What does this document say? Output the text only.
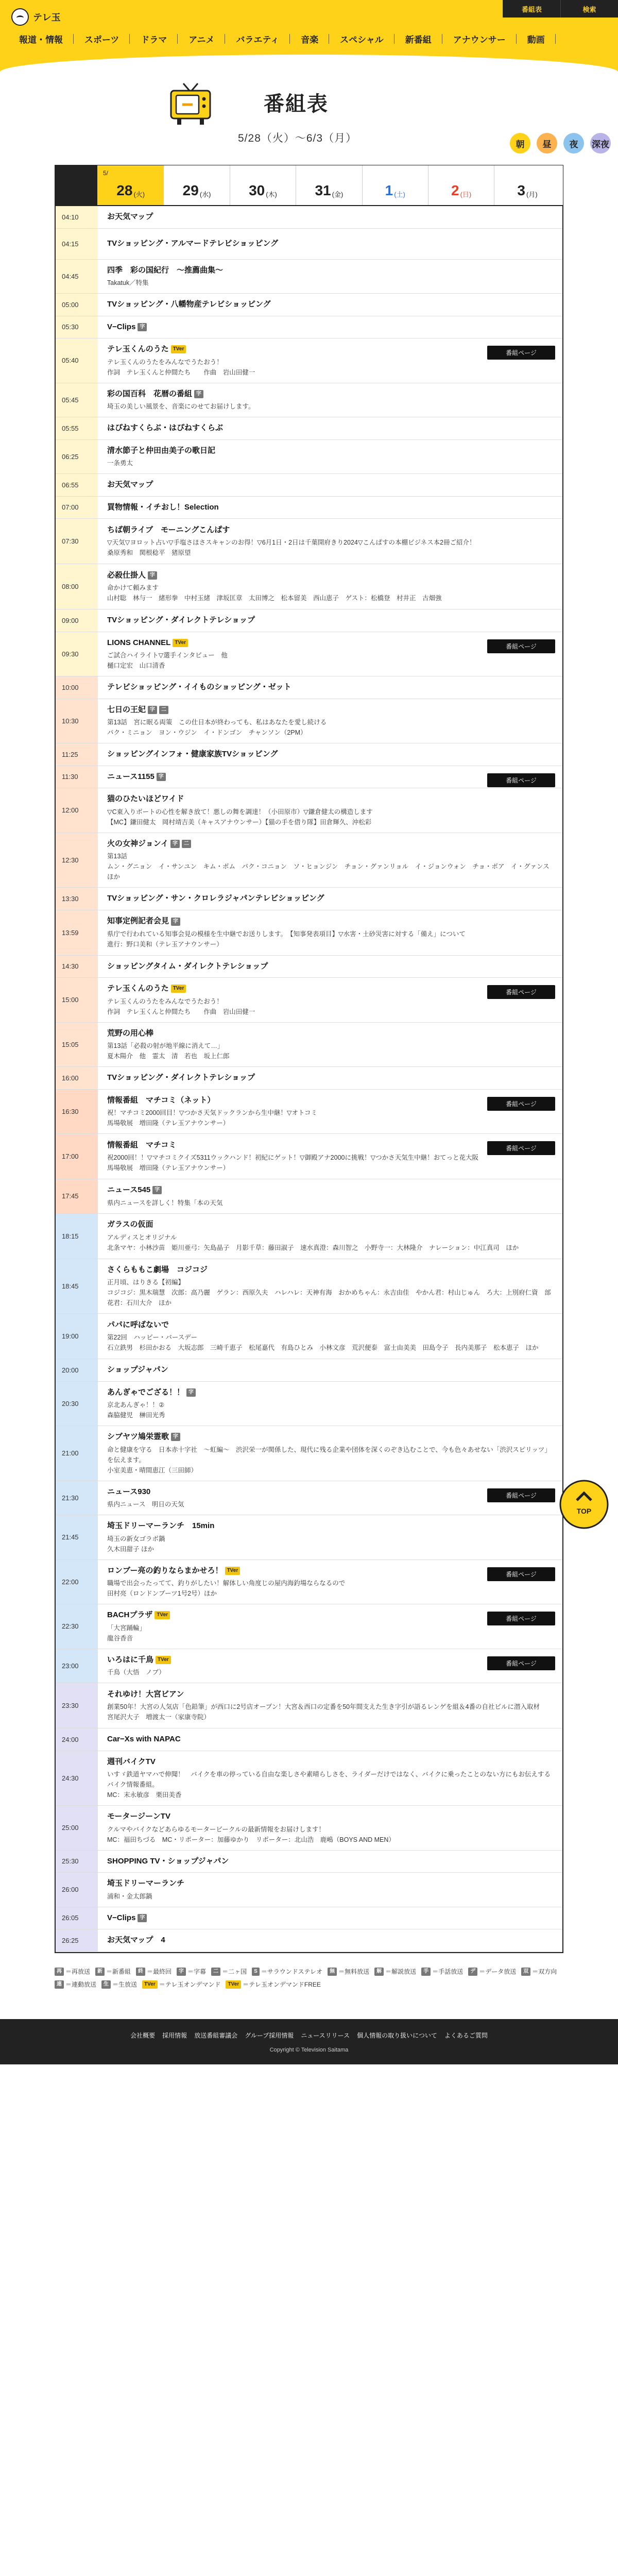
テレ玉
番組表	検索
報道・情報	スポーツ	ドラマ	アニメ	バラエティ	音楽	スペシャル	新番組	アナウンサー	動画
番組表
5/28（火）〜6/3（月）	朝	昼	夜	深夜
5/ 28 (火)	29 (水)	30 (木)	31 (金)	1 (土)	2 (日)	3 (月)
04:10	お天気マップ
04:15	TVショッピング・アルマードテレビショッピング
04:45
四季　彩の国紀行　〜推薦曲集〜
Takatuk／特集
05:00	TVショッピング・八幡物産テレビショッピング
05:30	V−Clips 字
05:40
テレ玉くんのうた TVer
テレ玉くんのうたをみんなでうたおう！
作詞　テレ玉くんと仲間たち　　作曲　岩山田健一
番組ページ
05:45
彩の国百科　花暦の番組 字
埼玉の美しい風景を、音楽にのせてお届けします。
05:55	はぴねすくらぶ・はぴねすくらぶ
06:25
清水節子と仲田由美子の歌日記
一条勇太
06:55	お天気マップ
07:00	買物情報・イチおし！Selection
07:30
ちば朝ライブ　モーニングこんぱす
▽天気▽ヨロット占い▽手塩さほさスキャンのお得！▽6月1日・2日は千葉開府きり2024▽こんぱすの本棚ビジネス本2冊ご紹介！
桑原秀和　関根稔平　猪原望
08:00
必殺仕掛人 字
命かけて頼みます
山村聡　林与一　緒形拳　中村玉緒　津坂匡章　太田博之　松本留美　西山恵子　ゲスト：松橋登　村井正　古畑強
09:00	TVショッピング・ダイレクトテレショップ
09:30
LIONS CHANNEL TVer
ご試合ハイライト▽選手インタビュー　他
樋口定宏　山口清香
番組ページ
10:00	テレビショッピング・イイものショッピング・ゼット
10:30
七日の王妃 字	二
第13話　宮に眠る両策　この仕日本が終わっても、私はあなたを愛し続ける
パク・ミニョン　ヨン・ウジン　イ・ドンゴン　チャンソン（2PM）
11:25	ショッピングインフォ・健康家族TVショッピング
11:30	ニュース1155 字
番組ページ
12:00
猫のひたいほどワイド
▽C東入りボートの心性を解き放て！悪しの舞を調達！（小田原市）▽鎌倉健太の構造します
【MC】鎌田健太　岡村靖吉美（キャスアナウンサー）【猫の手を借り隊】田倉輝久、沖松彩
12:30
火の女神ジョンイ 字	二
第13話
ムン・グニョン　イ・サンユン　キム・ボム　パク・コニョン　ソ・ヒョンジン　チョン・グァンリョル　イ・ジョンウォン　チョ・ボア　イ・グァンス　ほか
13:30	TVショッピング・サン・クロレラジャパンテレビショッピング
13:59
知事定例記者会見 字
県庁で行われている知事会見の模様を生中継でお送りします。　【知事発表項目】▽水害・土砂災害に対する「備え」について
進行：野口美和（テレ玉アナウンサー）
14:30	ショッピングタイム・ダイレクトテレショップ
15:00
テレ玉くんのうた TVer
テレ玉くんのうたをみんなでうたおう！
作詞　テレ玉くんと仲間たち　　作曲　岩山田健一
番組ページ
15:05
荒野の用心棒
第13話「必殺の射が地平線に消えて…」
夏木陽介　他　霊太　清　若也　坂上仁郎
16:00	TVショッピング・ダイレクトテレショップ
16:30
情報番組　マチコミ（ネット）
祝！マチコミ2000回目！▽つかさ天気ドックランから生中継！▽オトコミ
馬場敬展　増田隆（テレ玉アナウンサー）
番組ページ
17:00
情報番組　マチコミ
祝2000回！！▽マチコミクイズ5311ウックハンド！初紀にゲット！▽御殿アナ2000に挑戦！▽つかさ天気生中継！おてっと花大阪
馬場敬展　増田隆（テレ玉アナウンサー）
番組ページ
17:45
ニュース545 字
県内ニュースを詳しく！特集「本の天気
18:15
ガラスの仮面
アルディスとオリジナル
北条マヤ：小林沙苗　姫川亜弓：矢島晶子　月影千草：藤田淑子　速水真澄：森川智之　小野寺一：大林隆介　ナレーション：中江真司　ほか
18:45
さくらももこ劇場　コジコジ
正月頃、はりきる【初編】
コジコジ：黒木瑞慧　次郎：高乃麗　ゲラン：西原久夫　ハレハレ：天神有海　おかめちゃん：永吉由佳　やかん君：村山じゅん　ろ大：上別府仁資　部花君：石川大介　ほか
19:00
パパに呼ばないで
第22回　ハッピー・バースデー
石立鉄男　杉田かおる　大坂志郎　三崎千恵子　松尾嘉代　有島ひとみ　小林文彦　荒沢便泰　富士由美美　田島令子　長内美那子　松本恵子　ほか
20:00	ショップジャパン
20:30
あんぎゃでござる！！ 字
京北あんぎゃ！！②
森脇健児　榊田光秀
21:00
シブヤツ鳩栄霊歌 字
命と健康を守る　日本赤十字社　〜虹編〜　渋沢栄一が関係した、現代に残る企業や団体を深くのぞき込むことで、今も色々あせない「渋沢スピリッツ」を伝えます。
小室美恵・晴間恵江（三田師）
21:30
ニュース930
県内ニュース　明日の天気
番組ページ
21:45
埼玉ドリーマーランチ　15min
埼玉の新女ゴラボ鍋
久木田甜子 ほか
22:00
ロンブー亮の釣りならまかせろ！ TVer
職場で出会ったってて、釣りがしたい！解体しい角度じの屋内海釣場ならなるので
田村亮（ロンドンブーツ1号2号）ほか
番組ページ
22:30
BACHプラザ TVer
「大宮踊輪」
龍谷香音
番組ページ
23:00
いろはに千鳥 TVer
千鳥（大悟　ノブ）
番組ページ
23:30
それゆけ！大宮ビアン
創業50年！大宮の人気店「色鉛筆」が西口に2号店オープン！大宮＆西口の定番を50年間支えた生き字引が語るレンゲを組＆4番の自社ビルに潜入取材
宮尾沢大子　増渡太一（家康寺院）
24:00	Car−Xs with NAPAC
24:30
週刊バイクTV
いすゞ鉄道ヤマハで伸聞！　バイクを車の停っている自由な楽しさや素晴らしさを、ライダーだけではなく、バイクに乗ったことのない方にもお伝えするバイク情報番組。
MC：末永敏彦　栗田美香
25:00
モータージーンTV
クルマやバイクなどあらゆるモータービークルの最新情報をお届けします！
MC：福田ちづる　MC・リポーター：加藤ゆかり　リポーター：北山浩　鹿嶋（BOYS AND MEN）
25:30	SHOPPING TV・ショップジャパン
26:00
埼玉ドリーマーランチ
浦和・金太郎鍋
26:05	V−Clips 字
26:25	お天気マップ　4
再 ＝再放送	新 ＝新番組	終 ＝最終回	字 ＝字幕	二 ＝二ヶ国	S ＝サラウンドステレオ	無 ＝無料放送	解 ＝解説放送	手 ＝手話放送	デ ＝データ放送	双 ＝双方向
連 ＝連動放送	生 ＝生放送	TVer ＝テレ玉オンデマンド	TVer ＝テレ玉オンデマンドFREE
TOP
会社概要 採用情報 放送番組審議会 グループ採用情報 ニュースリリース 個人情報の取り扱いについて よくあるご質問
Copyright © Television Saitama
